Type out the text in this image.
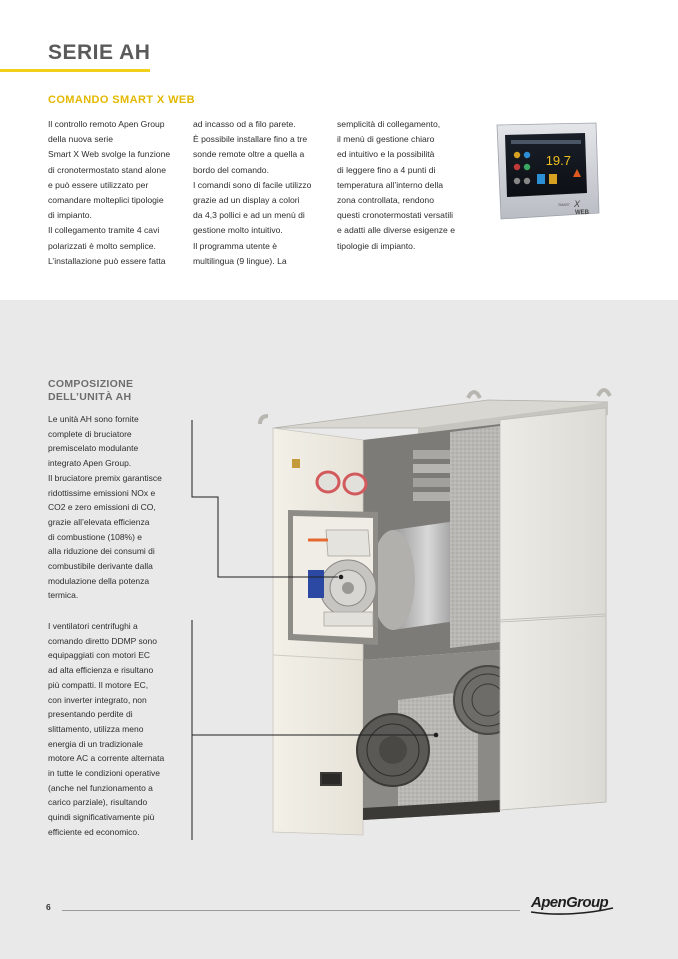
SERIE AH
COMANDO SMART X WEB

Il controllo remoto Apen Group

della nuova serie

Smart X Web svolge la funzione

di cronotermostato stand alone

e può essere utilizzato per

comandare molteplici tipologie

di impianto.

Il collegamento tramite 4 cavi

polarizzati è molto semplice.

L’installazione può essere fatta

ad incasso od a filo parete.

È possibile installare fino a tre

sonde remote oltre a quella a

bordo del comando.

I comandi sono di facile utilizzo

grazie ad un display a colori

da 4,3 pollici e ad un menù di

gestione molto intuitivo.

Il programma utente è

multilingua (9 lingue). La

semplicità di collegamento,

il menù di gestione chiaro

ed intuitivo e la possibilità

di leggere fino a 4 punti di

temperatura all’interno della

zona controllata, rendono

questi cronotermostati versatili

e adatti alle diverse esigenze e

tipologie di impianto.

19.7
SMART X
WEB
COMPOSIZIONE
DELL’UNITÀ AH

Le unità AH sono fornite

complete di bruciatore

premiscelato modulante

integrato Apen Group.

Il bruciatore premix garantisce

ridottissime emissioni NOx e

CO2 e zero emissioni di CO,

grazie all’elevata efficienza

di combustione (108%) e

alla riduzione dei consumi di

combustibile derivante dalla

modulazione della potenza

termica.

I ventilatori centrifughi a

comando diretto DDMP sono

equipaggiati con motori EC

ad alta efficienza e risultano

più compatti. Il motore EC,

con inverter integrato, non

presentando perdite di

slittamento, utilizza meno

energia di un tradizionale

motore AC a corrente alternata

in tutte le condizioni operative

(anche nel funzionamento a

carico parziale), risultando

quindi significativamente più

efficiente ed economico.

6	ApenGroup
